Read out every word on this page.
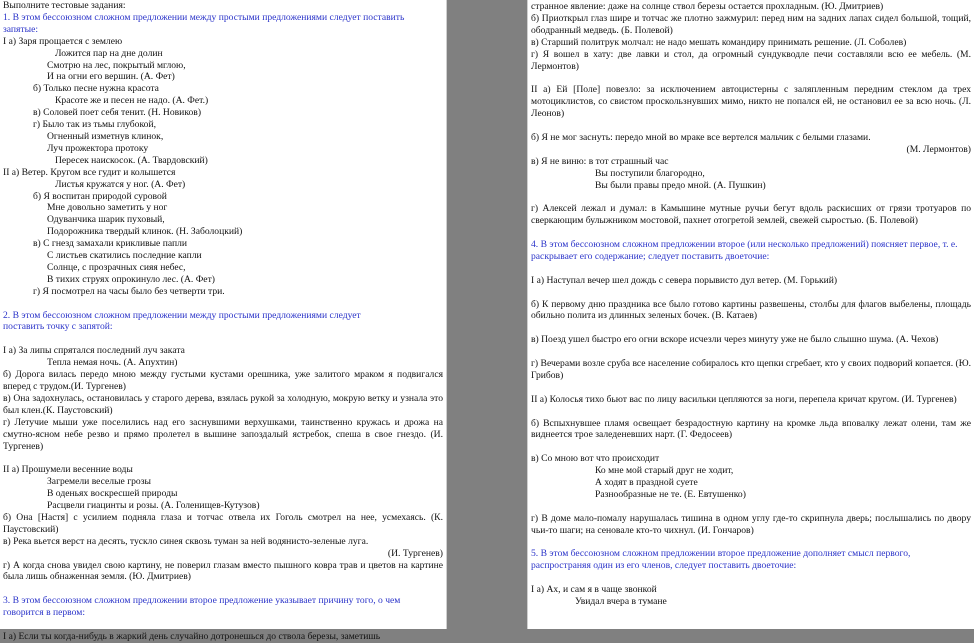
Выполните тестовые задания:
1. В этом бессоюзном сложном предложении между простыми предложениями следует поставить
запятые:
I а) Заря прощается с землею
Ложится пар на дне долин
Смотрю на лес, покрытый мглою,
И на огни его вершин. (А. Фет)
б) Только песне нужна красота
Красоте же и песен не надо. (А. Фет.)
в) Соловей поет себя тенит. (Н. Новиков)
г) Было так из тьмы глубокой,
Огненный изметнув клинок,
Луч прожектора протоку
Пересек наискосок. (А. Твардовский)
II а) Ветер. Кругом все гудит и колышется
Листья кружатся у ног. (А. Фет)
б) Я воспитан природой суровой
Мне довольно заметить у ног
Одуванчика шарик пуховый,
Подорожника твердый клинок. (Н. Заболоцкий)
в) С гнезд замахали крикливые папли
С листьев скатились последние капли
Солнце, с прозрачных сияя небес,
В тихих струях опрокинуло лес. (А. Фет)
г) Я посмотрел на часы было без четверти три.
2. В этом бессоюзном сложном предложении между простыми предложениями следует
поставить точку с запятой:
I а) За липы спрятался последний луч заката
Тепла немая ночь. (А. Апухтин)
б) Дорога вилась передо мною между густыми кустами орешника, уже залитого мраком я подвигался вперед с трудом.(И. Тургенев)
в) Она задохнулась, остановилась у старого дерева, взялась рукой за холодную, мокрую ветку и узнала это был клен.(К. Паустовский)
г) Летучие мыши уже поселились над его заснувшими верхушками, таинственно кружась и дрожа на смутно-ясном небе резво и прямо пролетел в вышине запоздалый ястребок, спеша в свое гнездо. (И. Тургенев)
II а) Прошумели весенние воды
Загремели веселые грозы
В оденьях воскресшей природы
Расцвели гиацинты и розы. (А. Голенищев-Кутузов)
б) Она [Настя] с усилием подняла глаза и тотчас отвела их Гоголь смотрел на нее, усмехаясь. (К. Паустовский)
в) Река вьется верст на десять, тускло синея сквозь туман за ней водянисто-зеленые луга.
(И. Тургенев)
г) А когда снова увидел свою картину, не поверил глазам вместо пышного ковра трав и цветов на картине была лишь обнаженная земля. (Ю. Дмитриев)
3. В этом бессоюзном сложном предложении второе предложение указывает причину того, о чем говорится в первом:
I а) Если ты когда-нибудь в жаркий день случайно дотронешься до ствола березы, заметишь
странное явление: даже на солнце ствол березы остается прохладным. (Ю. Дмитриев)
б) Приоткрыл глаз шире и тотчас же плотно зажмурил: перед ним на задних лапах сидел большой, тощий, ободранный медведь. (Б. Полевой)
в) Старший политрук молчал: не надо мешать командиру принимать решение. (Л. Соболев)
г) Я вошел в хату: две лавки и стол, да огромный сундукводле печи составляли всю ее мебель. (М. Лермонтов)
II а) Ей [Поле] повезло: за исключением автоцистерны с заляпленным передним стеклом да трех мотоциклистов, со свистом проскользнувших мимо, никто не попался ей, не остановил ее за всю ночь. (Л. Леонов)
б) Я не мог заснуть: передо мной во мраке все вертелся мальчик с белыми глазами.
(М. Лермонтов)
в) Я не виню: в тот страшный час
Вы поступили благородно,
Вы были правы предо мной. (А. Пушкин)
г) Алексей лежал и думал: в Камышине мутные ручьи бегут вдоль раскисших от грязи тротуаров по сверкающим булыжником мостовой, пахнет отогретой землей, свежей сыростью. (Б. Полевой)
4. В этом бессоюзном сложном предложении второе (или несколько предложений) поясняет первое, т. е. раскрывает его содержание; следует поставить двоеточие:
I а) Наступал вечер шел дождь с севера порывисто дул ветер. (М. Горький)
б) К первому дню праздника все было готово картины развешены, столбы для флагов выбелены, площадь обильно полита из длинных зеленых бочек. (В. Катаев)
в) Поезд ушел быстро его огни вскоре исчезли через минуту уже не было слышно шума. (А. Чехов)
г) Вечерами возле сруба все население собиралось кто щепки сгребает, кто у своих подворий копается. (Ю. Грибов)
II а) Колосья тихо бьют вас по лицу васильки цепляются за ноги, перепела кричат кругом. (И. Тургенев)
б) Вспыхнувшее пламя освещает безрадостную картину на кромке льда вповалку лежат олени, там же виднеется трое заледеневших нарт. (Г. Федосеев)
в) Со мною вот что происходит
Ко мне мой старый друг не ходит,
А ходят в праздной суете
Разнообразные не те. (Е. Евтушенко)
г) В доме мало-помалу нарушалась тишина в одном углу где-то скрипнула дверь; послышались по двору чьи-то шаги; на сеновале кто-то чихнул. (И. Гончаров)
5. В этом бессоюзном сложном предложении второе предложение дополняет смысл первого, распространяя один из его членов, следует поставить двоеточие:
I а) Ах, и сам я в чаще звонкой
Увидал вчера в тумане
